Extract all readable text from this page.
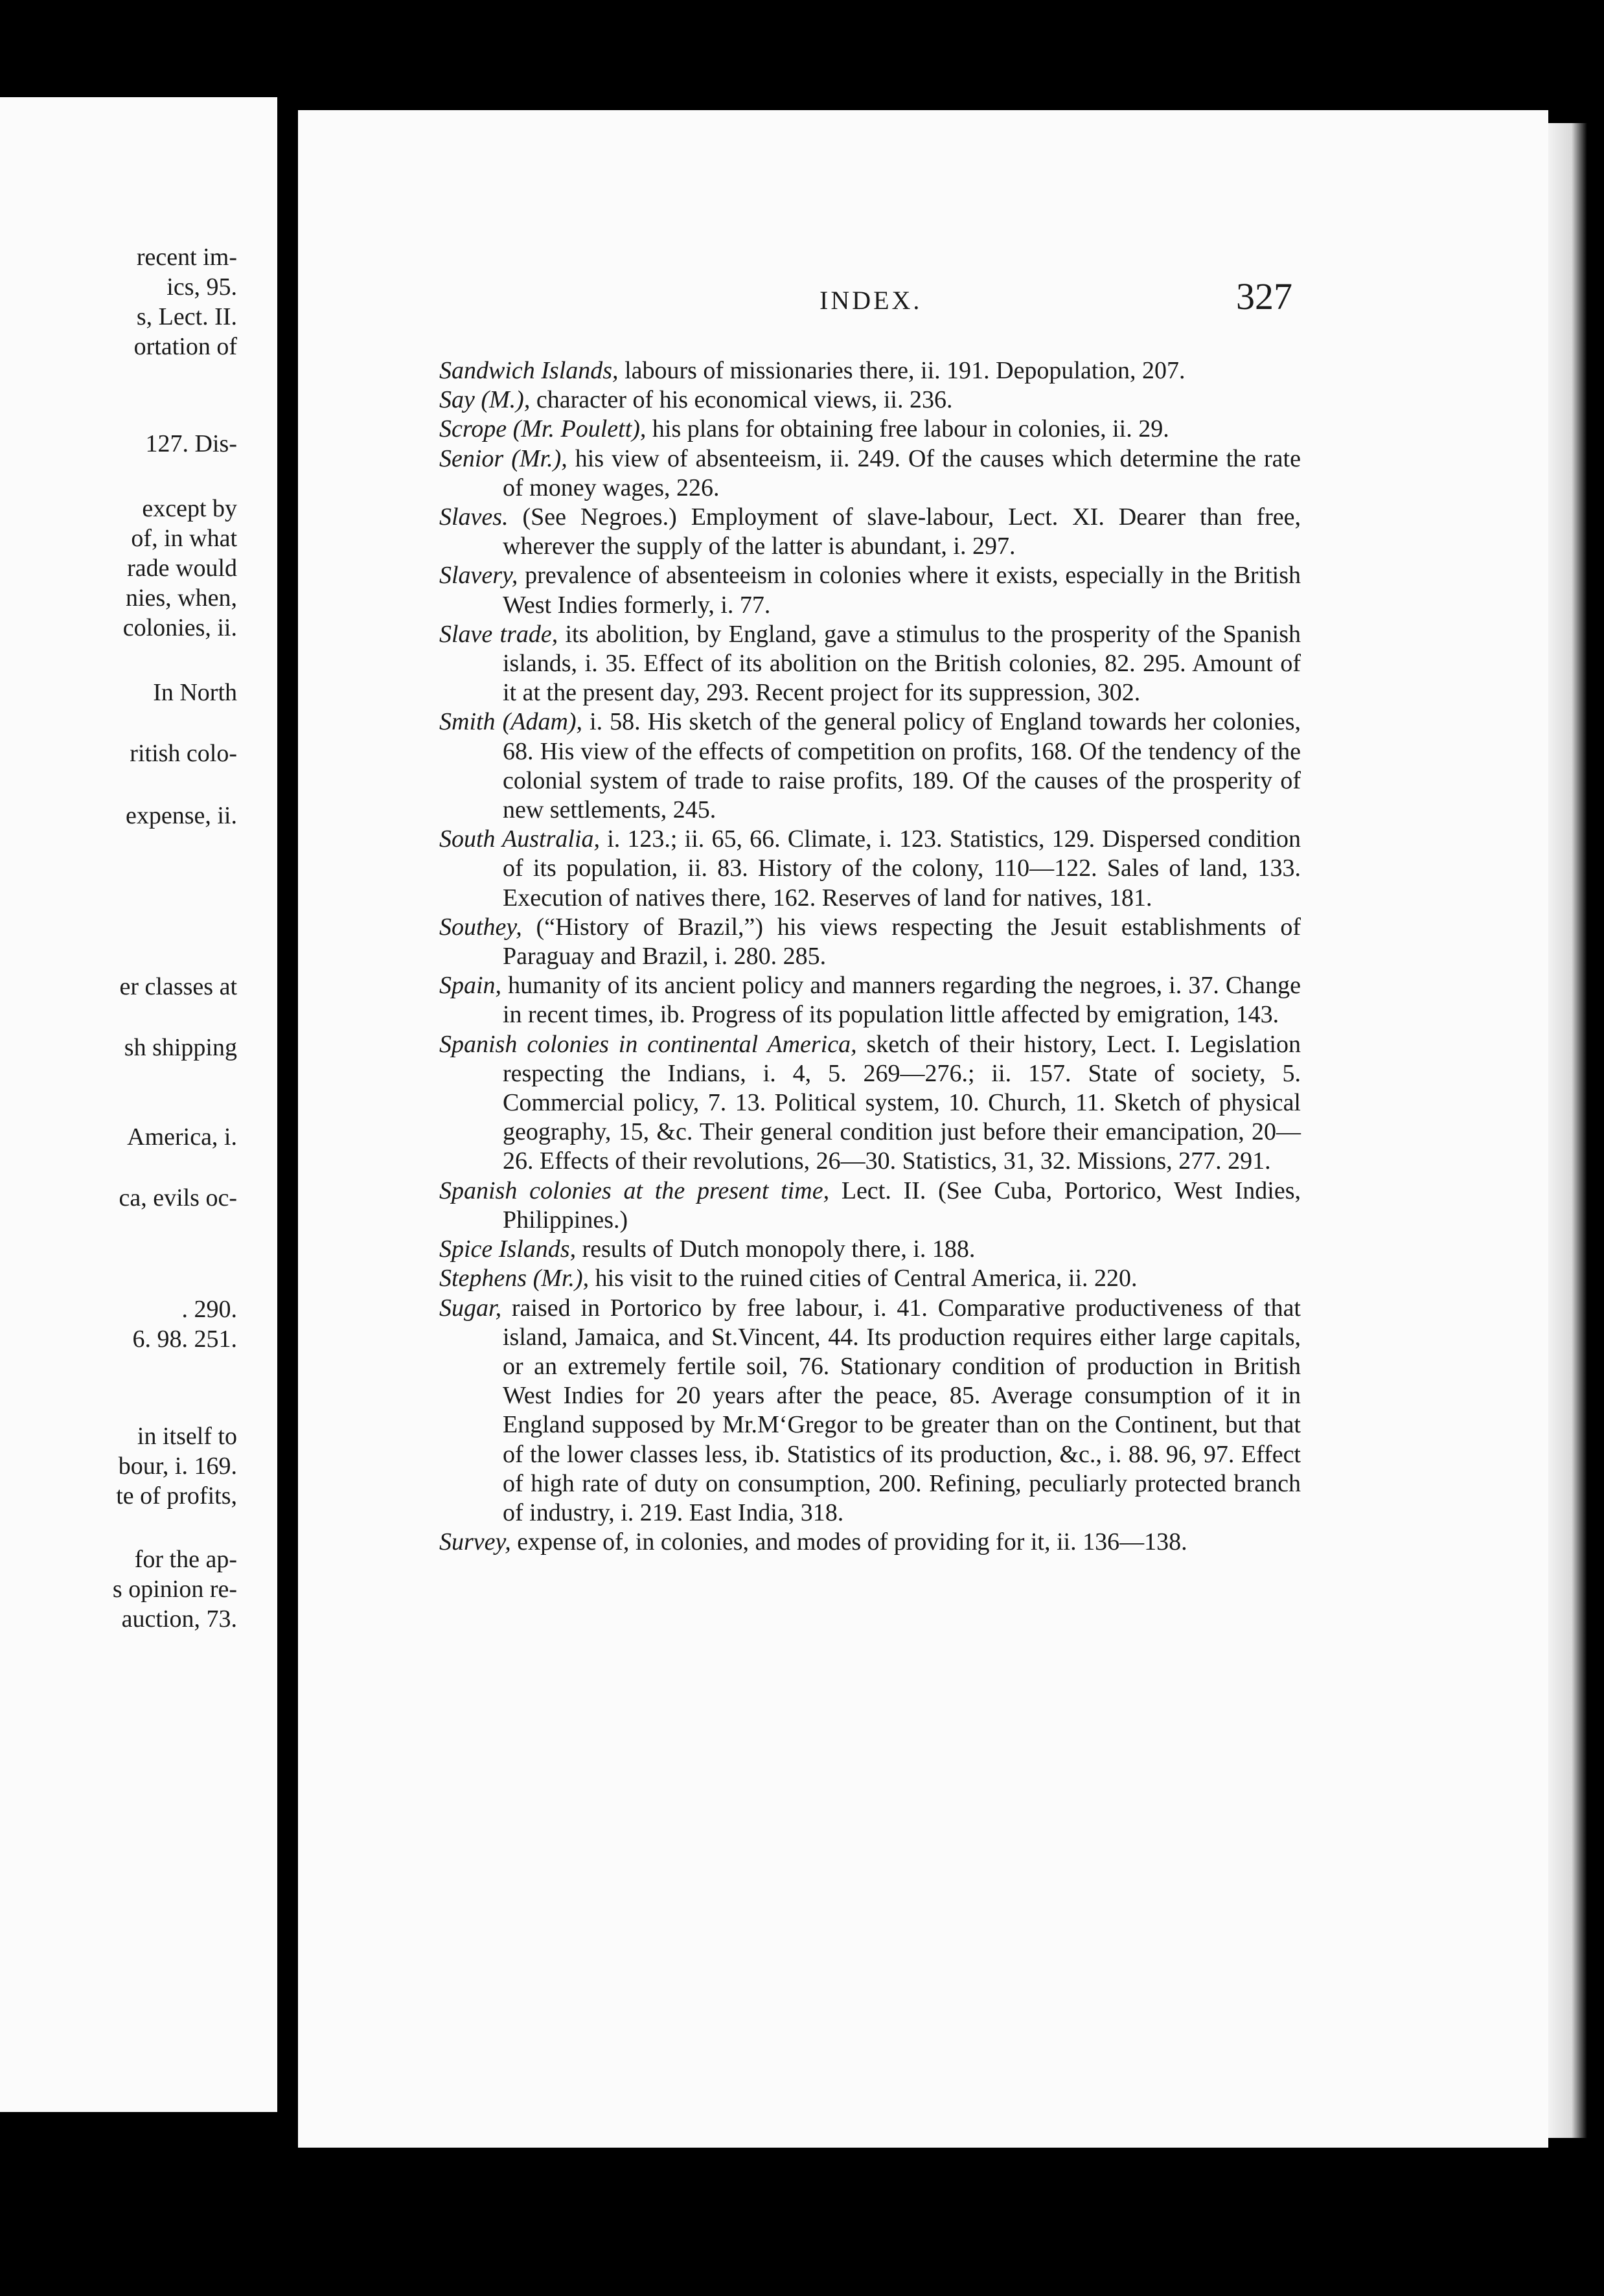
recent im-
ics, 95.
s, Lect. II.
ortation of
127. Dis-
except by
of, in what
rade would
nies, when,
colonies, ii.
In North
ritish colo-
expense, ii.
er classes at
sh shipping
America, i.
ca, evils oc-
. 290.
6. 98. 251.
in itself to
bour, i. 169.
te of profits,
for the ap-
s opinion re-
auction, 73.
INDEX.	327

Sandwich Islands, labours of missionaries there, ii. 191. Depopulation, 207.

Say (M.), character of his economical views, ii. 236.

Scrope (Mr. Poulett), his plans for obtaining free labour in colonies, ii. 29.

Senior (Mr.), his view of absenteeism, ii. 249. Of the causes which determine the rate of money wages, 226.

Slaves. (See Negroes.) Employment of slave-labour, Lect. XI. Dearer than free, wherever the supply of the latter is abundant, i. 297.

Slavery, prevalence of absenteeism in colonies where it exists, especially in the British West Indies formerly, i. 77.

Slave trade, its abolition, by England, gave a stimulus to the prosperity of the Spanish islands, i. 35. Effect of its abolition on the British colonies, 82. 295. Amount of it at the present day, 293. Recent project for its suppression, 302.

Smith (Adam), i. 58. His sketch of the general policy of England towards her colonies, 68. His view of the effects of competition on profits, 168. Of the tendency of the colonial system of trade to raise profits, 189. Of the causes of the prosperity of new settlements, 245.

South Australia, i. 123.; ii. 65, 66. Climate, i. 123. Statistics, 129. Dispersed condition of its population, ii. 83. History of the colony, 110—122. Sales of land, 133. Execution of natives there, 162. Reserves of land for natives, 181.

Southey, (“History of Brazil,”) his views respecting the Jesuit establishments of Paraguay and Brazil, i. 280. 285.

Spain, humanity of its ancient policy and manners regarding the negroes, i. 37. Change in recent times, ib. Progress of its population little affected by emigration, 143.

Spanish colonies in continental America, sketch of their history, Lect. I. Legislation respecting the Indians, i. 4, 5. 269—276.; ii. 157. State of society, 5. Commercial policy, 7. 13. Political system, 10. Church, 11. Sketch of physical geography, 15, &c. Their general condition just before their emancipation, 20—26. Effects of their revolutions, 26—30. Statistics, 31, 32. Missions, 277. 291.

Spanish colonies at the present time, Lect. II. (See Cuba, Portorico, West Indies, Philippines.)

Spice Islands, results of Dutch monopoly there, i. 188.

Stephens (Mr.), his visit to the ruined cities of Central America, ii. 220.

Sugar, raised in Portorico by free labour, i. 41. Comparative productiveness of that island, Jamaica, and St.Vincent, 44. Its production requires either large capitals, or an extremely fertile soil, 76. Stationary condition of production in British West Indies for 20 years after the peace, 85. Average consumption of it in England supposed by Mr.M‘Gregor to be greater than on the Continent, but that of the lower classes less, ib. Statistics of its production, &c., i. 88. 96, 97. Effect of high rate of duty on consumption, 200. Refining, peculiarly protected branch of industry, i. 219. East India, 318.

Survey, expense of, in colonies, and modes of providing for it, ii. 136—138.
